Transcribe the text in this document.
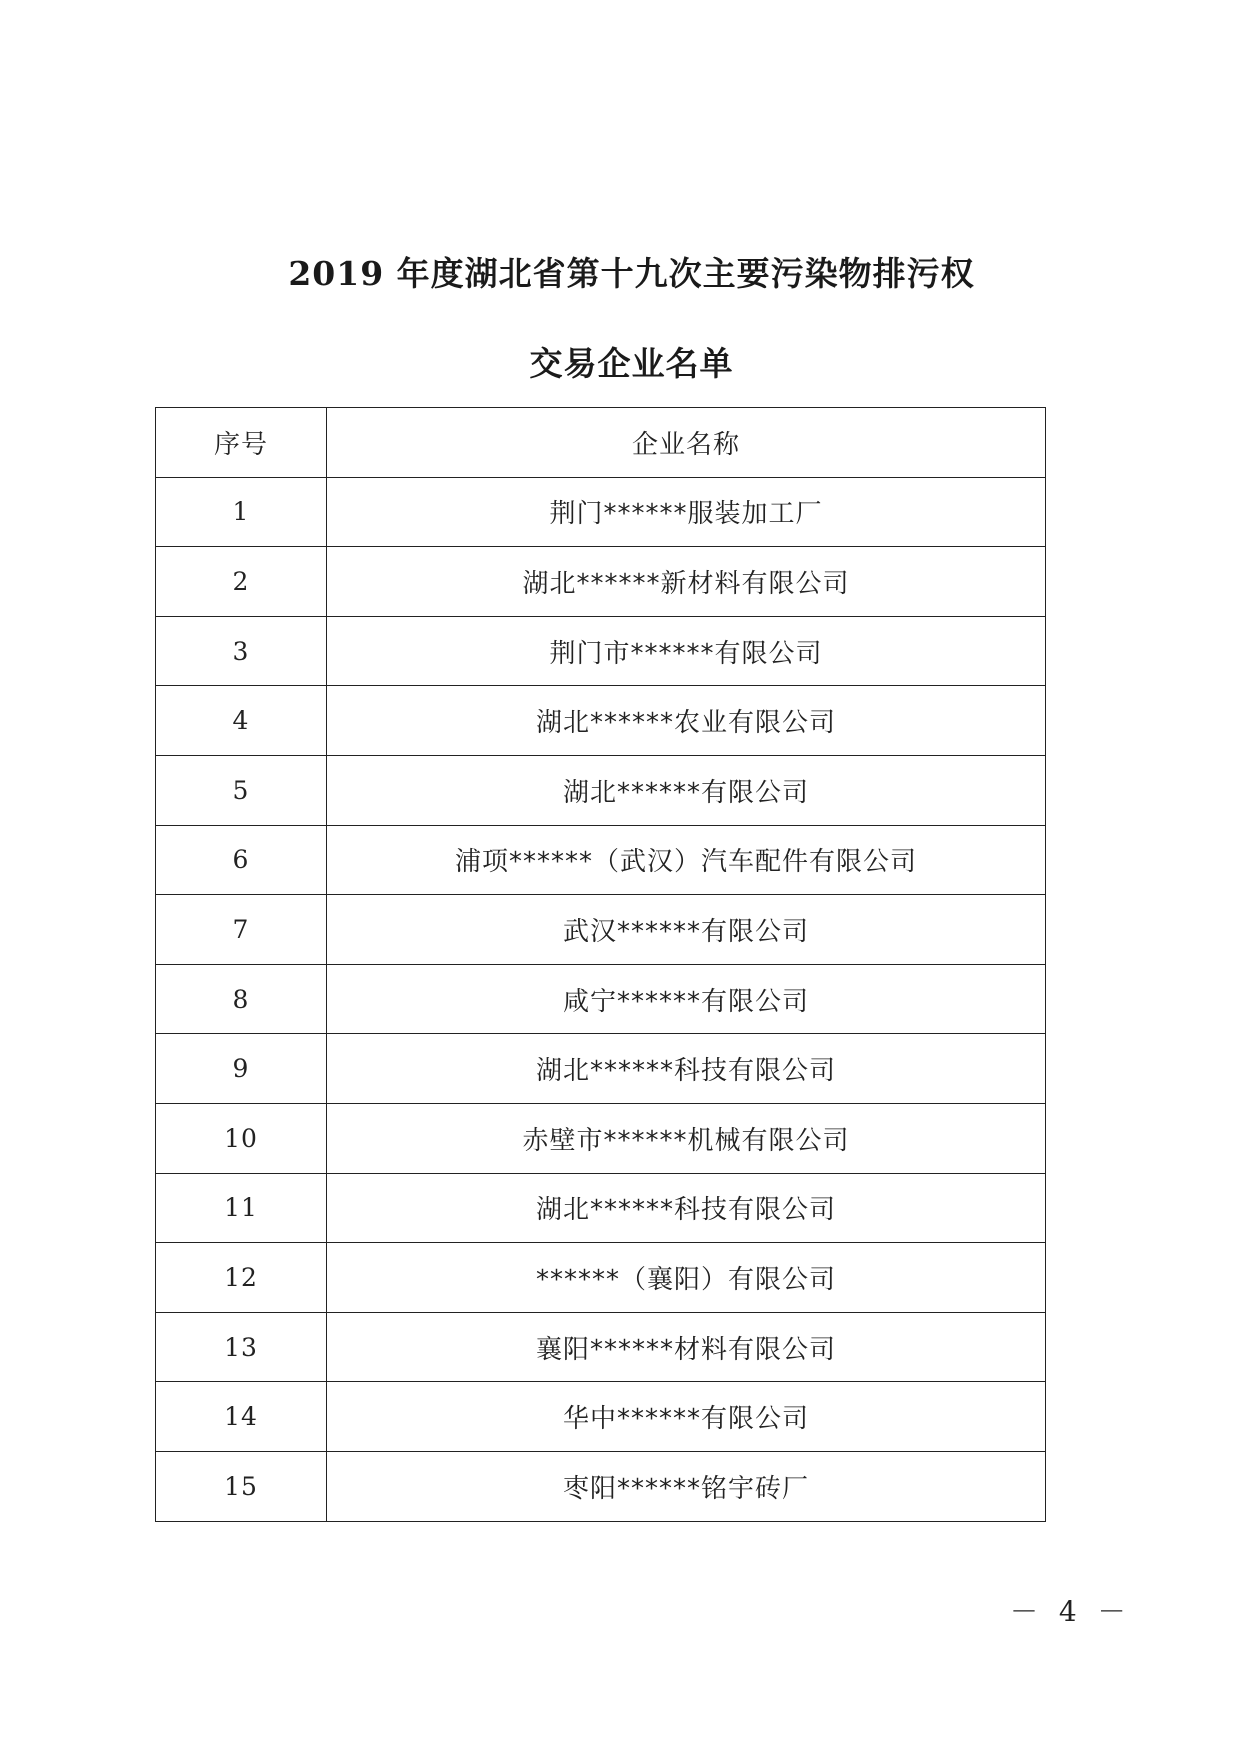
2019 年度湖北省第十九次主要污染物排污权
交易企业名单
序号	企业名称
1	荆门******服装加工厂
2	湖北******新材料有限公司
3	荆门市******有限公司
4	湖北******农业有限公司
5	湖北******有限公司
6	浦项******（武汉）汽车配件有限公司
7	武汉******有限公司
8	咸宁******有限公司
9	湖北******科技有限公司
10	赤壁市******机械有限公司
11	湖北******科技有限公司
12	******（襄阳）有限公司
13	襄阳******材料有限公司
14	华中******有限公司
15	枣阳******铭宇砖厂
－ 4 －
